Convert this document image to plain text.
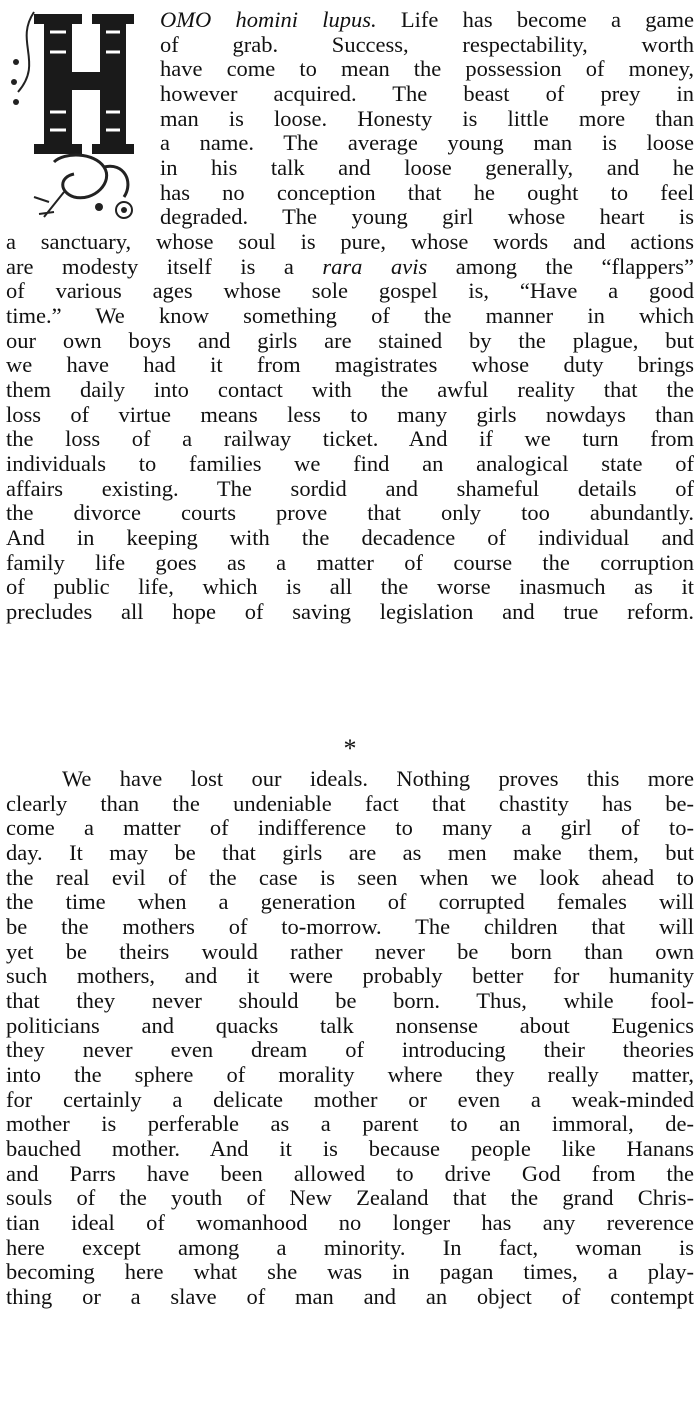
OMO homini lupus. Life has become a game
of grab. Success, respectability, worth
have come to mean the possession of money,
however acquired. The beast of prey in
man is loose. Honesty is little more than
a name. The average young man is loose
in his talk and loose generally, and he
has no conception that he ought to feel
degraded. The young girl whose heart is
a sanctuary, whose soul is pure, whose words and actions
are modesty itself is a rara avis among the “flappers”
of various ages whose sole gospel is, “Have a good
time.” We know something of the manner in which
our own boys and girls are stained by the plague, but
we have had it from magistrates whose duty brings
them daily into contact with the awful reality that the
loss of virtue means less to many girls nowdays than
the loss of a railway ticket. And if we turn from
individuals to families we find an analogical state of
affairs existing. The sordid and shameful details of
the divorce courts prove that only too abundantly.
And in keeping with the decadence of individual and
family life goes as a matter of course the corruption
of public life, which is all the worse inasmuch as it
precludes all hope of saving legislation and true reform.
*
We have lost our ideals. Nothing proves this more
clearly than the undeniable fact that chastity has be-
come a matter of indifference to many a girl of to-
day. It may be that girls are as men make them, but
the real evil of the case is seen when we look ahead to
the time when a generation of corrupted females will
be the mothers of to-morrow. The children that will
yet be theirs would rather never be born than own
such mothers, and it were probably better for humanity
that they never should be born. Thus, while fool-
politicians and quacks talk nonsense about Eugenics
they never even dream of introducing their theories
into the sphere of morality where they really matter,
for certainly a delicate mother or even a weak-minded
mother is perferable as a parent to an immoral, de-
bauched mother. And it is because people like Hanans
and Parrs have been allowed to drive God from the
souls of the youth of New Zealand that the grand Chris-
tian ideal of womanhood no longer has any reverence
here except among a minority. In fact, woman is
becoming here what she was in pagan times, a play-
thing or a slave of man and an object of contempt
